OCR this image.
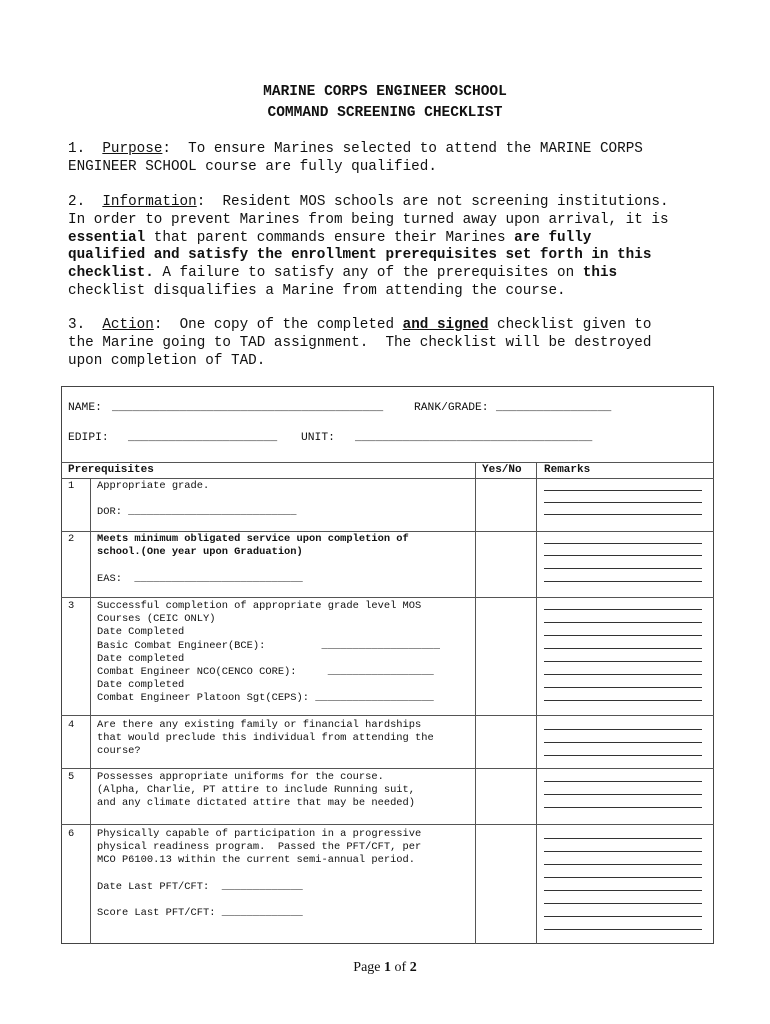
MARINE CORPS ENGINEER SCHOOL
COMMAND SCREENING CHECKLIST
1. Purpose:  To ensure Marines selected to attend the MARINE CORPS
ENGINEER SCHOOL course are fully qualified.
2. Information:  Resident MOS schools are not screening institutions.
In order to prevent Marines from being turned away upon arrival, it is
essential that parent commands ensure their Marines are fully
qualified and satisfy the enrollment prerequisites set forth in this
checklist. A failure to satisfy any of the prerequisites on this
checklist disqualifies a Marine from attending the course.
3. Action:  One copy of the completed and signed checklist given to
the Marine going to TAD assignment.  The checklist will be destroyed
upon completion of TAD.
NAME: ________________________________________	RANK/GRADE: _________________
EDIPI: ______________________ UNIT: ___________________________________
Prerequisites	Yes/No Remarks
1 Appropriate grade.

DOR: ___________________________
2 Meets minimum obligated service upon completion of
school.(One year upon Graduation)
EAS:  ___________________________
3 Successful completion of appropriate grade level MOS
Courses (CEIC ONLY)
Date Completed
Basic Combat Engineer(BCE):         ___________________
Date completed
Combat Engineer NCO(CENCO CORE):     _________________
Date completed
Combat Engineer Platoon Sgt(CEPS): ___________________
4 Are there any existing family or financial hardships
that would preclude this individual from attending the
course?
5 Possesses appropriate uniforms for the course.
(Alpha, Charlie, PT attire to include Running suit,
and any climate dictated attire that may be needed)
6 Physically capable of participation in a progressive
physical readiness program.  Passed the PFT/CFT, per
MCO P6100.13 within the current semi-annual period.

Date Last PFT/CFT:  _____________

Score Last PFT/CFT: _____________
Page 1 of 2
